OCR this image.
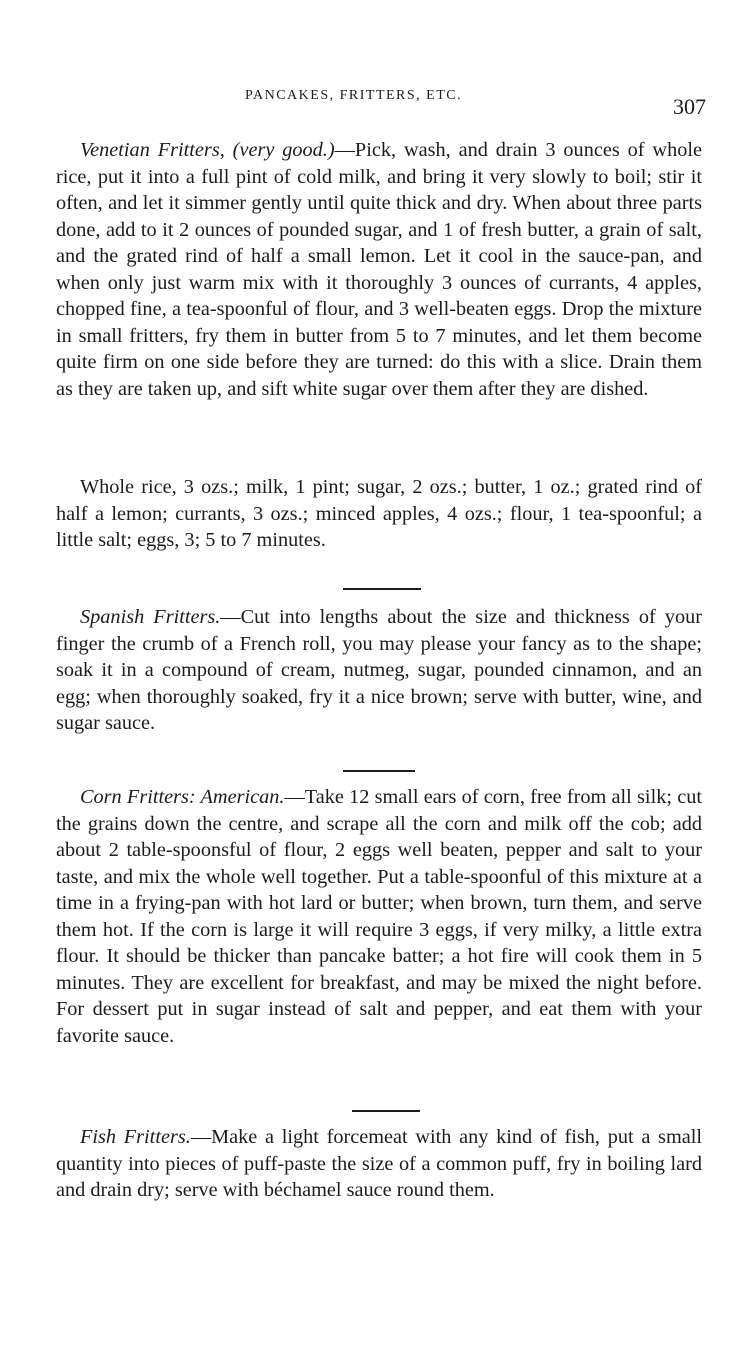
PANCAKES, FRITTERS, ETC.	307

Venetian Fritters, (very good.)—Pick, wash, and drain 3 ounces of whole rice, put it into a full pint of cold milk, and bring it very slowly to boil; stir it often, and let it simmer gently until quite thick and dry. When about three parts done, add to it 2 ounces of pounded sugar, and 1 of fresh butter, a grain of salt, and the grated rind of half a small lemon. Let it cool in the sauce-pan, and when only just warm mix with it thoroughly 3 ounces of currants, 4 apples, chopped fine, a tea-spoonful of flour, and 3 well-beaten eggs. Drop the mixture in small fritters, fry them in butter from 5 to 7 minutes, and let them become quite firm on one side before they are turned: do this with a slice. Drain them as they are taken up, and sift white sugar over them after they are dished.

Whole rice, 3 ozs.; milk, 1 pint; sugar, 2 ozs.; butter, 1 oz.; grated rind of half a lemon; currants, 3 ozs.; minced apples, 4 ozs.; flour, 1 tea-spoonful; a little salt; eggs, 3; 5 to 7 minutes.

Spanish Fritters.—Cut into lengths about the size and thickness of your finger the crumb of a French roll, you may please your fancy as to the shape; soak it in a compound of cream, nutmeg, sugar, pounded cinnamon, and an egg; when thoroughly soaked, fry it a nice brown; serve with butter, wine, and sugar sauce.

Corn Fritters: American.—Take 12 small ears of corn, free from all silk; cut the grains down the centre, and scrape all the corn and milk off the cob; add about 2 table-spoonsful of flour, 2 eggs well beaten, pepper and salt to your taste, and mix the whole well together. Put a table-spoonful of this mixture at a time in a frying-pan with hot lard or butter; when brown, turn them, and serve them hot. If the corn is large it will require 3 eggs, if very milky, a little extra flour. It should be thicker than pancake batter; a hot fire will cook them in 5 minutes. They are excellent for breakfast, and may be mixed the night before. For dessert put in sugar instead of salt and pepper, and eat them with your favorite sauce.

Fish Fritters.—Make a light forcemeat with any kind of fish, put a small quantity into pieces of puff-paste the size of a common puff, fry in boiling lard and drain dry; serve with béchamel sauce round them.
